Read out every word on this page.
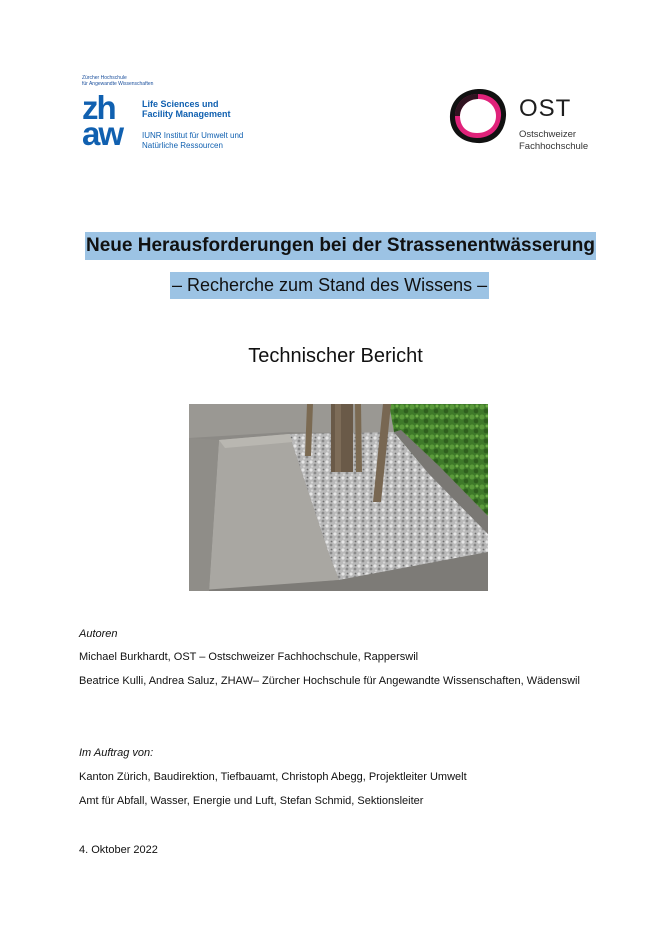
Zürcher Hochschule
für Angewandte Wissenschaften
zh
aw
Life Sciences und
Facility Management
IUNR Institut für Umwelt und
Natürliche Ressourcen
OST
Ostschweizer
Fachhochschule
Neue Herausforderungen bei der Strassenentwässerung
– Recherche zum Stand des Wissens –
Technischer Bericht
Autoren
Michael Burkhardt, OST – Ostschweizer Fachhochschule, Rapperswil
Beatrice Kulli, Andrea Saluz, ZHAW– Zürcher Hochschule für Angewandte Wissenschaften, Wädenswil
Im Auftrag von:
Kanton Zürich, Baudirektion, Tiefbauamt, Christoph Abegg, Projektleiter Umwelt
Amt für Abfall, Wasser, Energie und Luft, Stefan Schmid, Sektionsleiter
4. Oktober 2022
